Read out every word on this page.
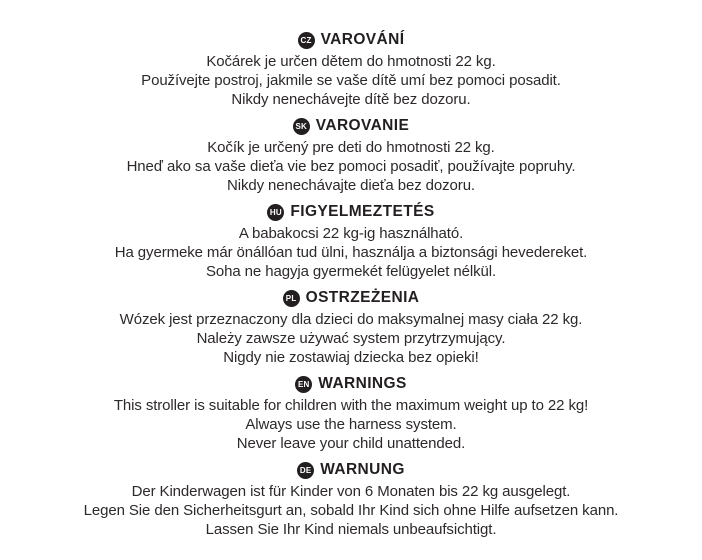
CZ VAROVÁNÍ

Kočárek je určen dětem do hmotnosti 22 kg.

Používejte postroj, jakmile se vaše dítě umí bez pomoci posadit.

Nikdy nenechávejte dítě bez dozoru.

SK VAROVANIE

Kočík je určený pre deti do hmotnosti 22 kg.

Hneď ako sa vaše dieťa vie bez pomoci posadiť, používajte popruhy.

Nikdy nenechávajte dieťa bez dozoru.

HU FIGYELMEZTETÉS

A babakocsi 22 kg-ig használható.

Ha gyermeke már önállóan tud ülni, használja a biztonsági hevedereket.

Soha ne hagyja gyermekét felügyelet nélkül.

PL OSTRZEŻENIA

Wózek jest przeznaczony dla dzieci do maksymalnej masy ciała 22 kg.

Należy zawsze używać system przytrzymujący.

Nigdy nie zostawiaj dziecka bez opieki!

EN WARNINGS

This stroller is suitable for children with the maximum weight up to 22 kg!

Always use the harness system.

Never leave your child unattended.

DE WARNUNG

Der Kinderwagen ist für Kinder von 6 Monaten bis 22 kg ausgelegt.

Legen Sie den Sicherheitsgurt an, sobald Ihr Kind sich ohne Hilfe aufsetzen kann.

Lassen Sie Ihr Kind niemals unbeaufsichtigt.
